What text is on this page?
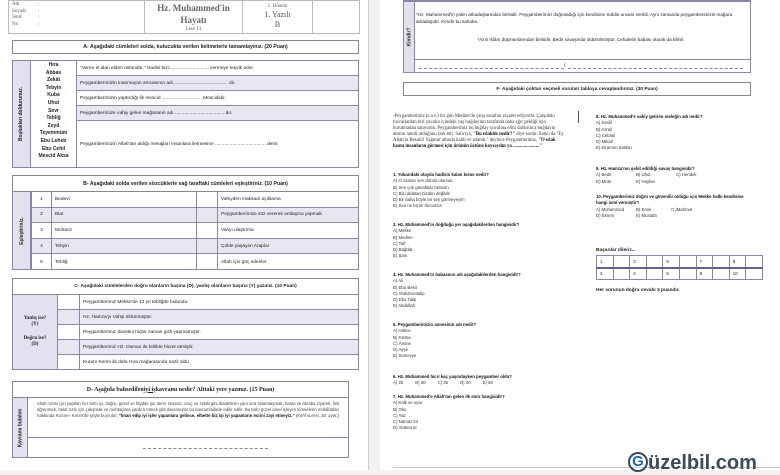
Adı	:
Soyadı	:
Sınıf	:
No	:
Hz. Muhammed'in
Hayatı
Lise 11
1. Dönem
1. Yazılı
B
A- Aşağıdaki cümleleri solda, kutucukta verilen kelimelerle tamamlayınız. (20 Puan)
Boşlukları doldurunuz.
Hıra
Abbas
Zekât
Tebyin
Kuba
Uhut
Sevr
Tebliğ
Zeyd
Teyemmüm
Ebu Leheb
Ebu Cehil
Mescid Aksa
"Veren el alan elden üstündür." Hadisi bizi.............................. vermeye teşvik eder.
Peygamberimizin inanmayan amcasının adı ........................................ dir.
Peygamberimizin yaptırdığı ilk mescid .............................. Mescididir.
Peygamberimize vahiy gelen mağaranın adı ..................................... dır.
Peygamberimizin Allah'tan aldığı mesajları insanlara iletmesine ...................................... denir.
B- Aşağıdaki solda verilen sözcüklerle sağ taraftaki cümleleri eşleştiriniz. (10 Puan)
Eşleştiriniz.
1	Bedevi	Vahiyden maksadı açıklama
2	Biat	Peygamberimize söz vererek antlaşma yapmak.
3	Muhacir	Vahyi ulaştırma
4	Tebyin	Çölde yaşayan Araplar
5	Tebliğ	Allah için göç edenler
C- Aşağıdaki cümlelerden doğru olanların başına (D), yanlış olanların başına (Y) yazınız. (10 Puan)
Yanlış ise? (Y)
Doğru ise? (D)
Peygamberimiz Mekke'de 13 yıl tebliğde bulundu.
Hz. Hamza'yı Vahşi öldürmüştür.
Peygamberimiz davetini hiçbir zaman gizli yapmamıştır.
Peygamberimiz Hz. Osman ile birlikte hicret etmiştir.
Kuranı Kerim ilk defa Hıra mağarasında nazil oldu
D- Aşağıda bahsedilen iyi iş kavramı nedir? Alttaki yere yazınız. (15 Puan)
Kavramı bulalım
Allah rızası için yapılan her türlü iyi, doğru, güzel ve faydalı işe denir. Namaz, oruç ve zekât gibi ibadetlerin yanı sıra selamlaşmak, hasta ve akraba ziyareti, ilim öğrenmek, helal rızık için çalışmak ve muhtaçlara yardım etmek gibi davranışlar bu kavramlaifade edilir edilir. Bu türlü güzel amel işleyen kimselerin mükâfatları hakkında Kur'an-ı Kerim'de şöyle buyrulur: "İman edip iyi işler yapanlara gelince, elbette biz işi iyi yapanların ecrini zayi etmeyiz." (Kehf suresi, 30. ayet.)
Kimdir?
*Hz. Muhammed'in yakın arkadaşlarından birisidir. Peygamberimizi doğruladığı için kendisine Sıddık unvanı verildi. Aynı zamanda peygamberimizin mağara arkadaşıdır. Kimdir bu sahabe.
*Azılı İslâm düşmanlarından birisidir. Bedir savaşında öldürülmüştür. Cehaletin babası olarak da bilinir.
/
F- Aşağıdaki çoktan seçmeli soruları tabloya cevaplandırınız. (30 Puan)
-Peygamberimiz (s.a.v.) bir gün Medine'de çarşı esnafını ziyaret ediyordu. Çarşıdaki tüccarlardan biri çuvalın içindeki yaş buğdayları tarafında daha ağır geldiği için kurutmadan satıyordu. Peygamberimiz bu buğday çuvalına elini daldırınca buğdayın altının nemli olduğunu fark etti. Satıcıya, "Bu ıslaklık nedir?" diye sordu. Satıcı da "Ey Allah'ın Resulü! Yağmur altında kaldı ve ıslandı." deyince Peygamberimiz, "O ıslak kısmı insanların görmesi için ürünün üstüne koysaydın ya. ....................."
1. Yukarıdaki olayda hadisin kalan kısmı nedir?
A) O zaman sen dürüst olursun.
B) Sen çok günahkâr birisisin
C) Bizi aldatan bizden değildir.
D) Bir daha böyle bir şey görmeyeyim
E) Sen ne biçim tüccarsın
3. Hz. Muhammed'in doğduğu yer aşağıdakilerden hangisidir?
A) Mekke
B) Medine
C) Taif
D) Bağdat
E) Şam
4. Hz. Muhammed'in babasının adı aşağıdakilerden hangisidir?
A) Ali
B) Ebu Bekir
C) Abdulmuttalip
D) Ebu Talip
E) Abdullah
5. Peygamberimizin annesinin adı nedir?
A) Hatice
B) Fatma
C) Âmine
D) Ayşe
E) Sümeyye
6. Hz. Muhammed hicri kaç yaşındayken peygamber oldu?
A) 25	B) 30	C) 35	D) 40	E) 50
7. Hz. Muhammed'e Allah'tan gelen ilk emir hangisidir?
A) Kalk ve uyar
B) Oku
C) Yaz
C) Namaz kıl
D) Abdest al
8. Hz. Muhammed'e vahiy getiren meleğin adı nedir?
A) İsrafil
B) Azrail
C) Cebrail
D) Mikail
E) Kiramen Katibin
9. Hz. Hamza'nın şehit edildiği savaş hangisidir?
A) Bedir	B) Uhut	C) Hendek
D) Mute	E) Hayber
10. Peygamberimiz doğru ve güvenilir olduğu için Mekke halkı kendisine hangi ismi vermiştir?
A) Muhammed	B) Emin	C )Mahmut
D) Ekrem	E) Mustafa
Başarılar dileriz...
1		3		5		7		9	
2		4		6		8		10	
Her sorunun doğru cevabı 3 puandır.
G üzelbil.com
